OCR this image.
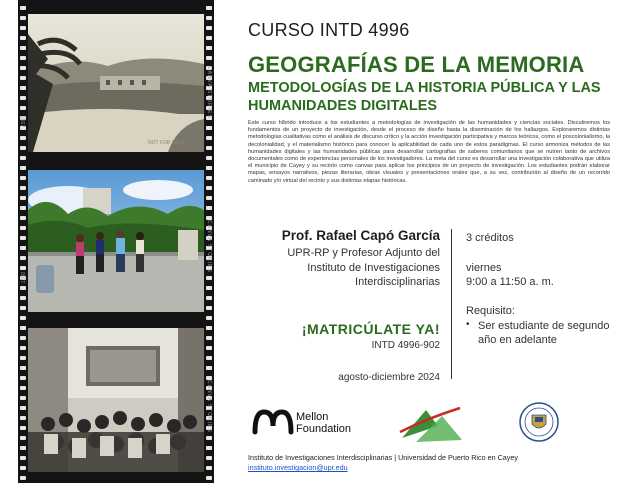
NOT FOR SALE
CANVA STORIES
CANVA STORIES
CANVA STORIES
0917
0917
CURSO INTD 4996
GEOGRAFÍAS DE LA MEMORIA
METODOLOGÍAS DE LA HISTORIA PÚBLICA Y LAS HUMANIDADES DIGITALES
Este curso híbrido introduce a los estudiantes a metodologías de investigación de las humanidades y ciencias sociales. Discutiremos los fundamentos de un proyecto de investigación, desde el proceso de diseño hasta la diseminación de los hallazgos. Exploraremos distintas metodologías cualitativas como el análisis de discurso crítico y la acción investigación participativa y marcos teóricos, como el poscolonialismo, la decolonialidad, y el materialismo histórico para conocer la aplicabilidad de cada uno de estos paradigmas. El curso armoniza métodos de las humanidades digitales y las humanidades públicas para desarrollar cartografías de saberes comunitarios que se nutren tanto de archivos documentales como de experiencias personales de los investigadores. La meta del curso es desarrollar una investigación colaborativa que utiliza el municipio de Cayey y su recinto como canvas para aplicar los principios de un proyecto de investigación. Los estudiantes podrán elaborar mapas, ensayos narrativos, piezas literarias, obras visuales y presentaciones orales que, a su vez, contribuirán al diseño de un recorrido caminado y/o virtual del recinto y sus distintas etapas históricas.
Prof. Rafael Capó García
UPR-RP y Profesor Adjunto del
Instituto de Investigaciones
Interdisciplinarias
¡MATRICÚLATE YA!
INTD 4996-902
agosto-diciembre 2024
3 créditos
viernes
9:00 a 11:50 a. m.
Requisito:
• Ser estudiante de segundo año en adelante
Mellon
Foundation
Instituto de Investigaciones Interdisciplinarias | Universidad de Puerto Rico en Cayey
instituto.investigacion@upr.edu
